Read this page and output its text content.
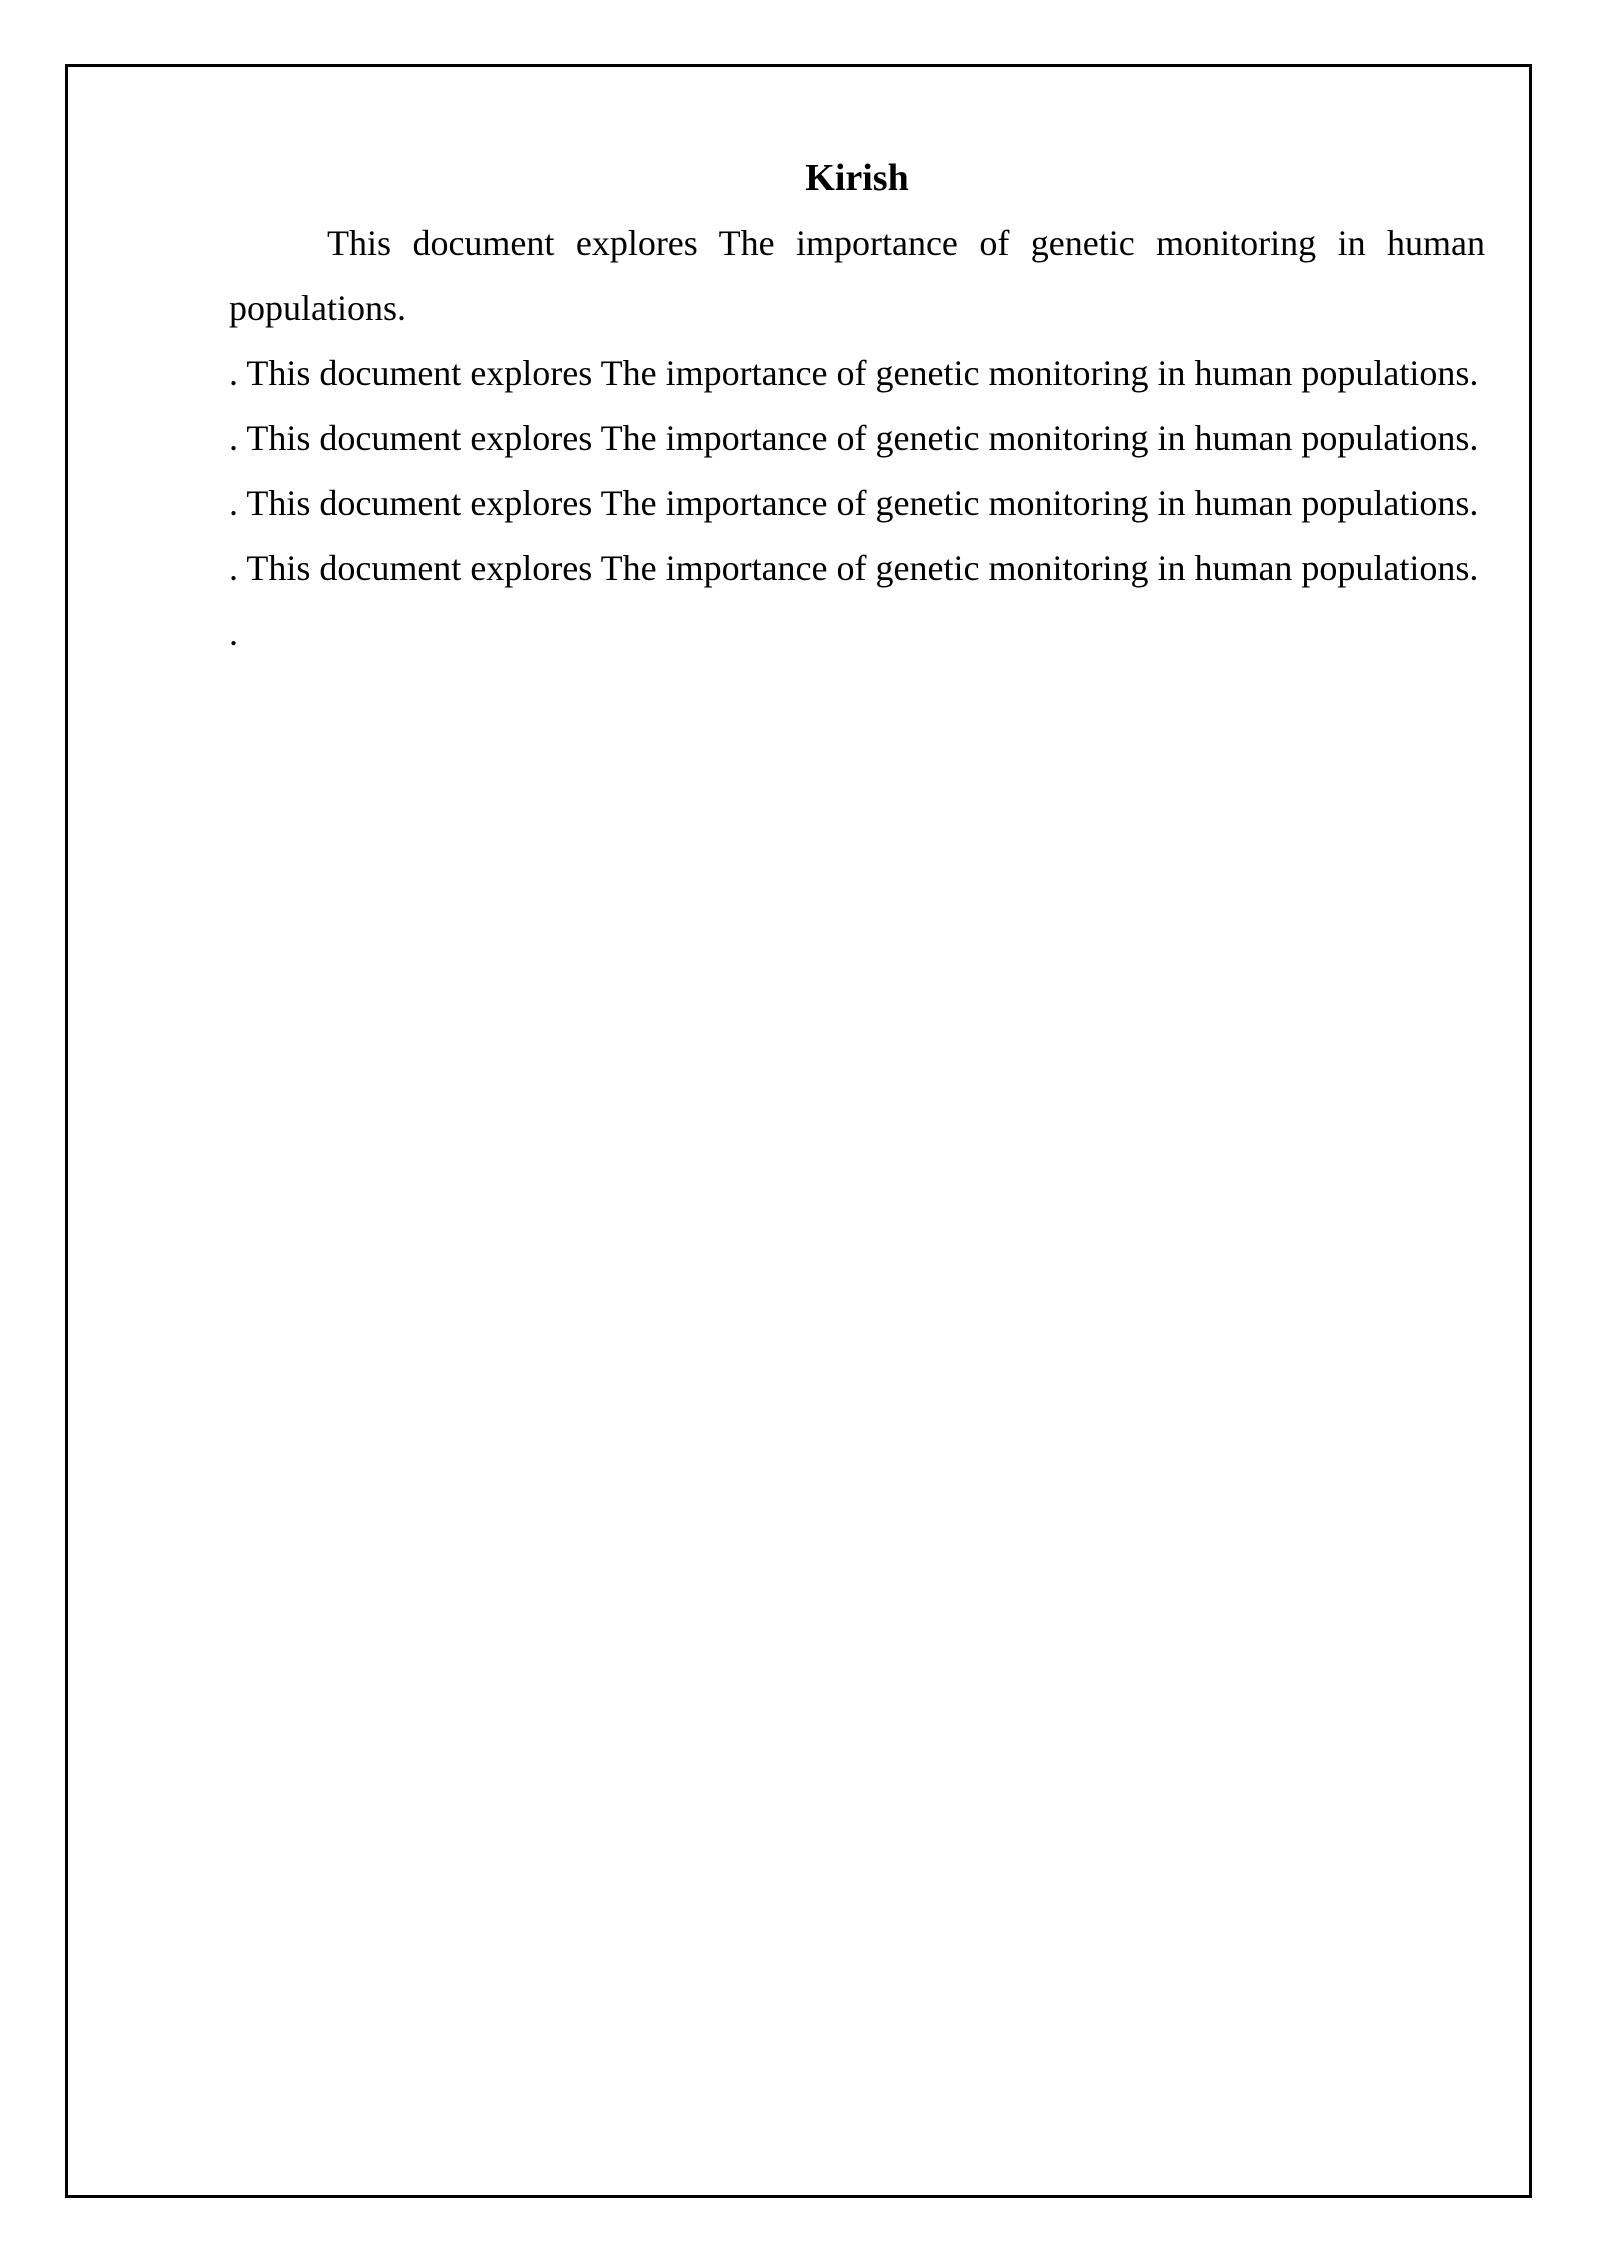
Kirish

This document explores The importance of genetic monitoring in human populations.

. This document explores The importance of genetic monitoring in human populations.

. This document explores The importance of genetic monitoring in human populations.

. This document explores The importance of genetic monitoring in human populations.

. This document explores The importance of genetic monitoring in human populations.

.
